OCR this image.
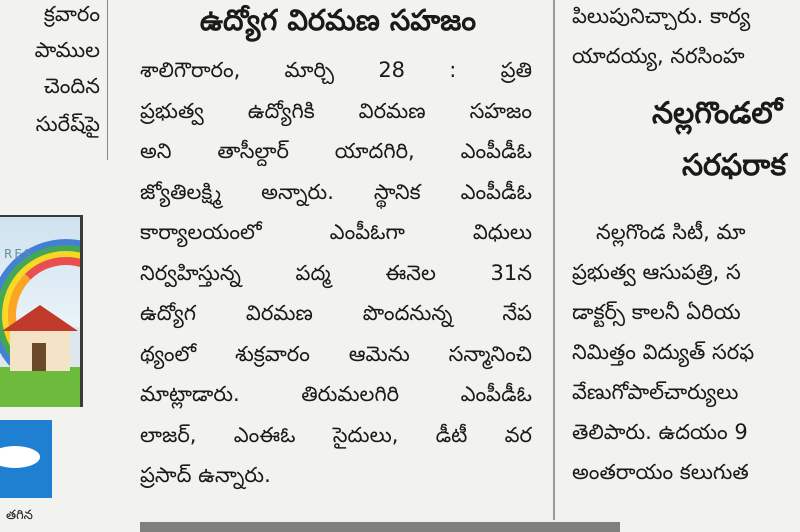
క్రవారం
పాముల
చెందిన
సురేష్‌పై
RES
తగిన
ఉద్యోగ విరమణ సహజం
శాలిగౌరారం, మార్చి 28 : ప్రతి
ప్రభుత్వ ఉద్యోగికి విరమణ సహజం
అని తాసీల్దార్ యాదగిరి, ఎంపీడీఓ
జ్యోతిలక్ష్మి అన్నారు. స్థానిక ఎంపీడీఓ
కార్యాలయంలో ఎంపీఓగా విధులు
నిర్వహిస్తున్న పద్మ ఈనెల 31న
ఉద్యోగ విరమణ పొందనున్న నేప
థ్యంలో శుక్రవారం ఆమెను సన్మానించి
మాట్లాడారు. తిరుమలగిరి ఎంపీడీఓ
లాజర్, ఎంఈఓ సైదులు, డీటీ వర
ప్రసాద్ ఉన్నారు.
పిలుపునిచ్చారు. కార్య
యాదయ్య, నరసింహ
నల్లగొండలో
సరఫరాక
నల్లగొండ సిటీ, మా
ప్రభుత్వ ఆసుపత్రి, స
డాక్టర్స్ కాలనీ ఏరియ
నిమిత్తం విద్యుత్ సరఫ
వేణుగోపాల్‌చార్యులు
తెలిపారు. ఉదయం 9
అంతరాయం కలుగుత
